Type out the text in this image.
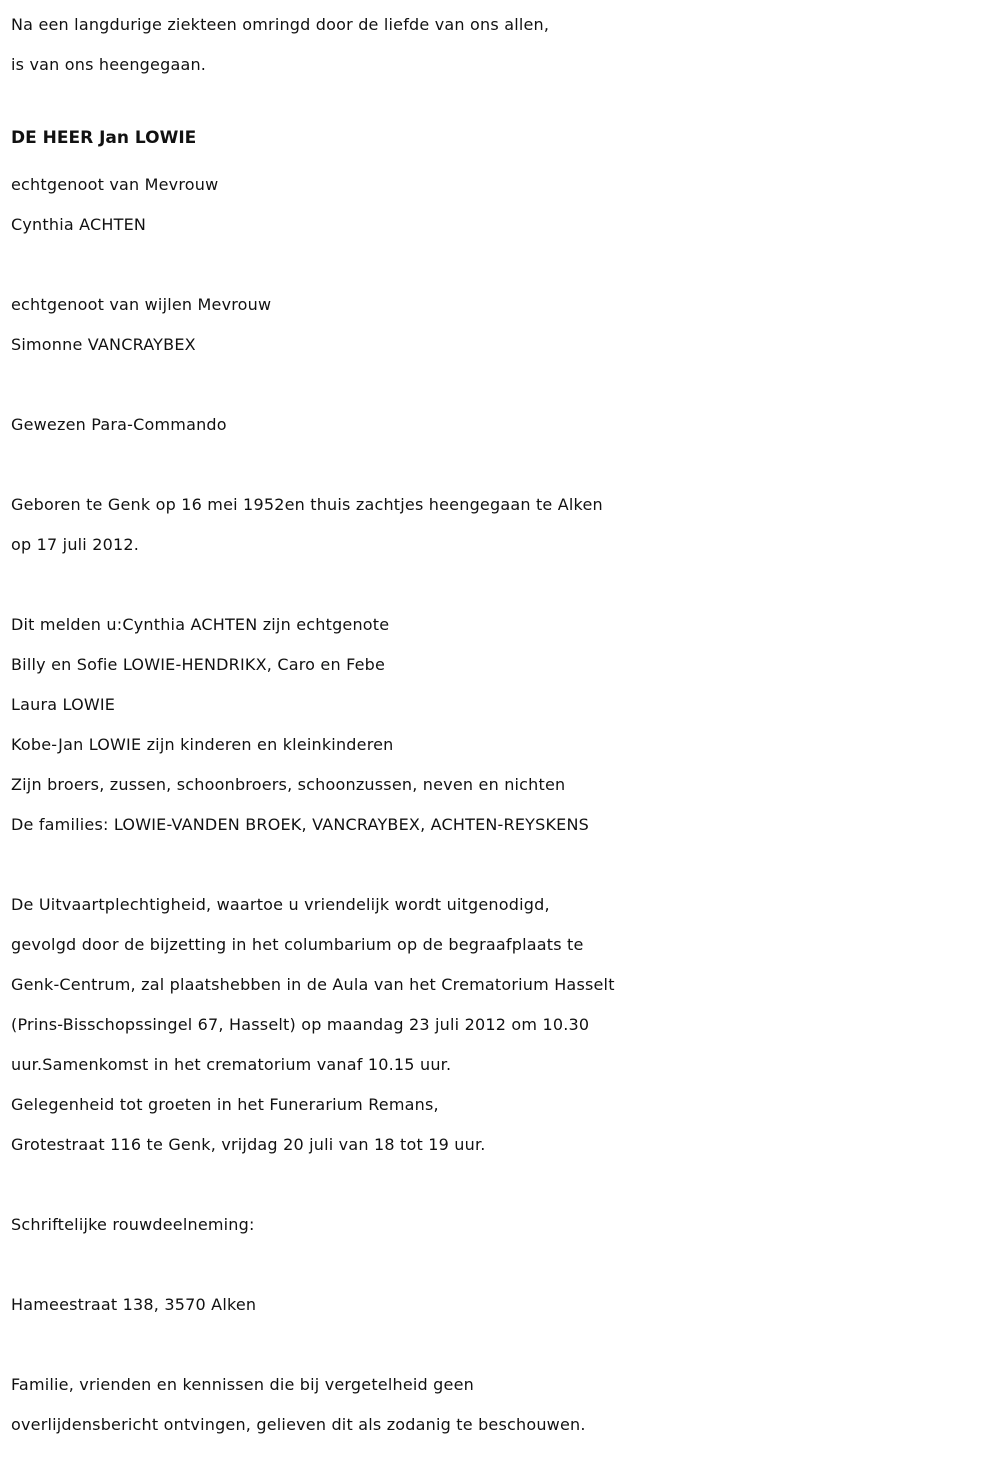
Na een langdurige ziekteen omringd door de liefde van ons allen,
is van ons heengegaan.
DE HEER Jan LOWIE
echtgenoot van Mevrouw
Cynthia ACHTEN
echtgenoot van wijlen Mevrouw
Simonne VANCRAYBEX
Gewezen Para-Commando
Geboren te Genk op 16 mei 1952en thuis zachtjes heengegaan te Alken
op 17 juli 2012.
Dit melden u:Cynthia ACHTEN zijn echtgenote
Billy en Sofie LOWIE-HENDRIKX, Caro en Febe
Laura LOWIE
Kobe-Jan LOWIE zijn kinderen en kleinkinderen
Zijn broers, zussen, schoonbroers, schoonzussen, neven en nichten
De families: LOWIE-VANDEN BROEK, VANCRAYBEX, ACHTEN-REYSKENS
De Uitvaartplechtigheid, waartoe u vriendelijk wordt uitgenodigd,
gevolgd door de bijzetting in het columbarium op de begraafplaats te
Genk-Centrum, zal plaatshebben in de Aula van het Crematorium Hasselt
(Prins-Bisschopssingel 67, Hasselt) op maandag 23 juli 2012 om 10.30
uur.Samenkomst in het crematorium vanaf 10.15 uur.
Gelegenheid tot groeten in het Funerarium Remans,
Grotestraat 116 te Genk, vrijdag 20 juli van 18 tot 19 uur.
Schriftelijke rouwdeelneming:
Hameestraat 138, 3570 Alken
Familie, vrienden en kennissen die bij vergetelheid geen
overlijdensbericht ontvingen, gelieven dit als zodanig te beschouwen.
